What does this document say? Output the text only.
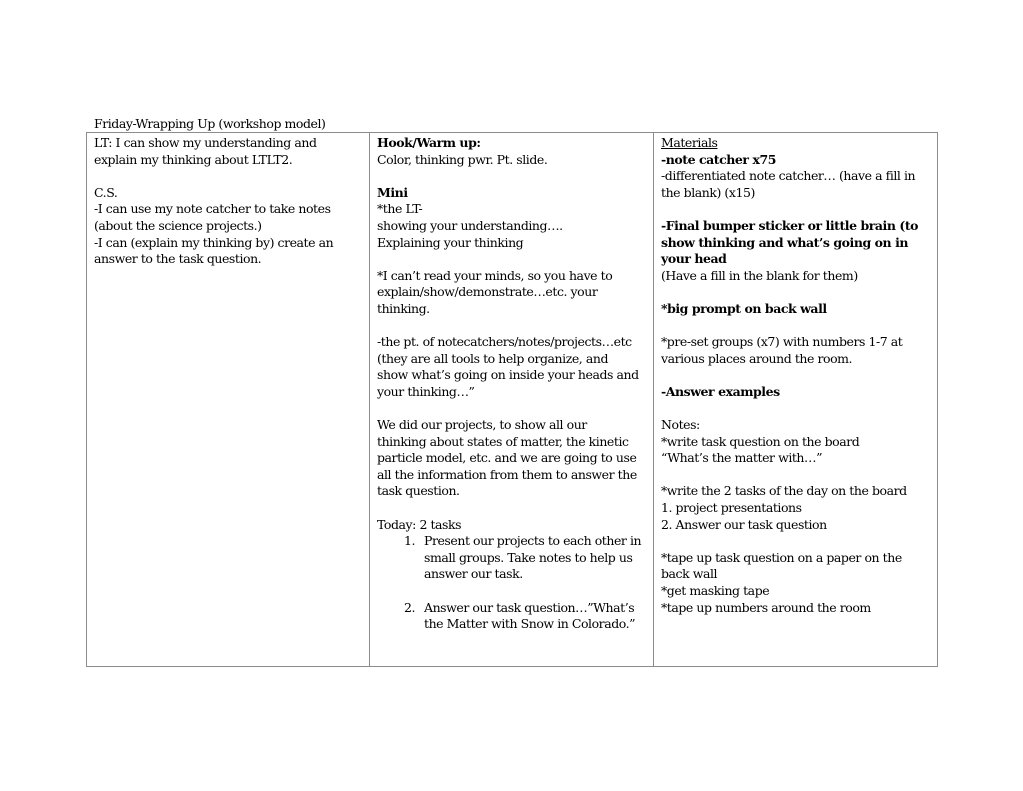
Friday-Wrapping Up (workshop model)
LT: I can show my understanding and
explain my thinking about LTLT2.
C.S.
-I can use my note catcher to take notes
(about the science projects.)
-I can (explain my thinking by) create an
answer to the task question.
Hook/Warm up:
Color, thinking pwr. Pt. slide.
Mini
*the LT-
showing your understanding….
Explaining your thinking
*I can’t read your minds, so you have to
explain/show/demonstrate…etc. your
thinking.
-the pt. of notecatchers/notes/projects…etc
(they are all tools to help organize, and
show what’s going on inside your heads and
your thinking…”
We did our projects, to show all our
thinking about states of matter, the kinetic
particle model, etc. and we are going to use
all the information from them to answer the
task question.
Today: 2 tasks
1. Present our projects to each other in
small groups. Take notes to help us
answer our task.
2. Answer our task question…”What’s
the Matter with Snow in Colorado.”
Materials
-note catcher x75
-differentiated note catcher… (have a fill in
the blank) (x15)
-Final bumper sticker or little brain (to
show thinking and what’s going on in
your head
(Have a fill in the blank for them)
*big prompt on back wall
*pre-set groups (x7) with numbers 1-7 at
various places around the room.
-Answer examples
Notes:
*write task question on the board
“What’s the matter with…”
*write the 2 tasks of the day on the board
1. project presentations
2. Answer our task question
*tape up task question on a paper on the
back wall
*get masking tape
*tape up numbers around the room
